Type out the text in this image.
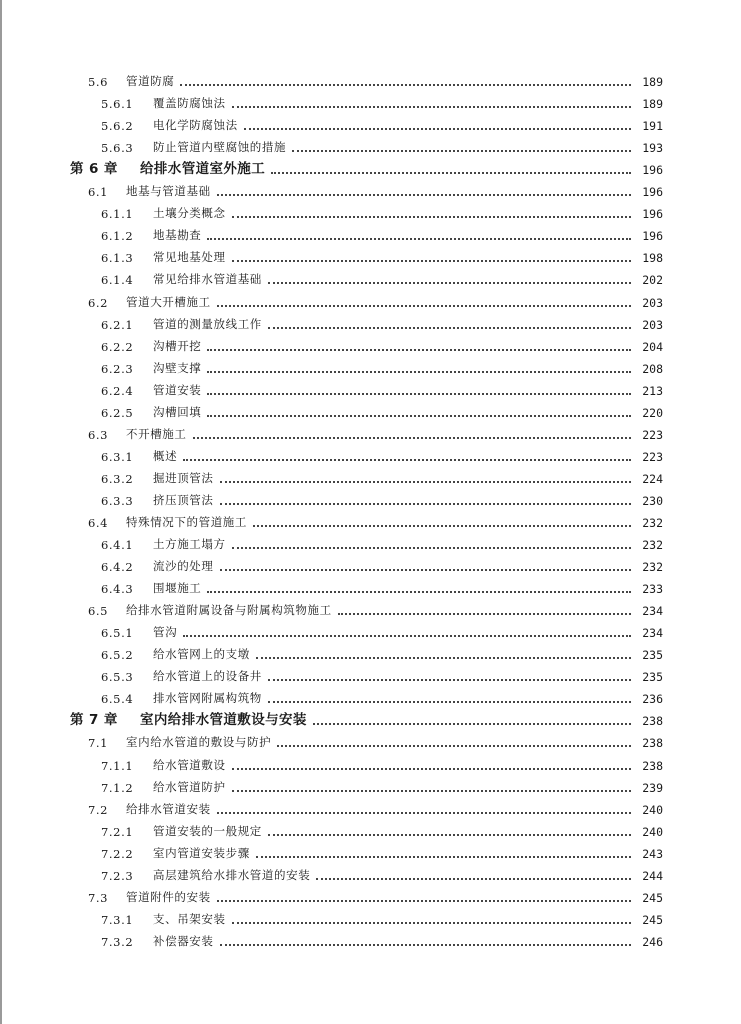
5.6	管道防腐	189
5.6.1	覆盖防腐蚀法	189
5.6.2	电化学防腐蚀法	191
5.6.3	防止管道内壁腐蚀的措施	193
第 6 章	给排水管道室外施工	196
6.1	地基与管道基础	196
6.1.1	土壤分类概念	196
6.1.2	地基勘查	196
6.1.3	常见地基处理	198
6.1.4	常见给排水管道基础	202
6.2	管道大开槽施工	203
6.2.1	管道的测量放线工作	203
6.2.2	沟槽开挖	204
6.2.3	沟壁支撑	208
6.2.4	管道安装	213
6.2.5	沟槽回填	220
6.3	不开槽施工	223
6.3.1	概述	223
6.3.2	掘进顶管法	224
6.3.3	挤压顶管法	230
6.4	特殊情况下的管道施工	232
6.4.1	土方施工塌方	232
6.4.2	流沙的处理	232
6.4.3	围堰施工	233
6.5	给排水管道附属设备与附属构筑物施工	234
6.5.1	管沟	234
6.5.2	给水管网上的支墩	235
6.5.3	给水管道上的设备井	235
6.5.4	排水管网附属构筑物	236
第 7 章	室内给排水管道敷设与安装	238
7.1	室内给水管道的敷设与防护	238
7.1.1	给水管道敷设	238
7.1.2	给水管道防护	239
7.2	给排水管道安装	240
7.2.1	管道安装的一般规定	240
7.2.2	室内管道安装步骤	243
7.2.3	高层建筑给水排水管道的安装	244
7.3	管道附件的安装	245
7.3.1	支、吊架安装	245
7.3.2	补偿器安装	246
